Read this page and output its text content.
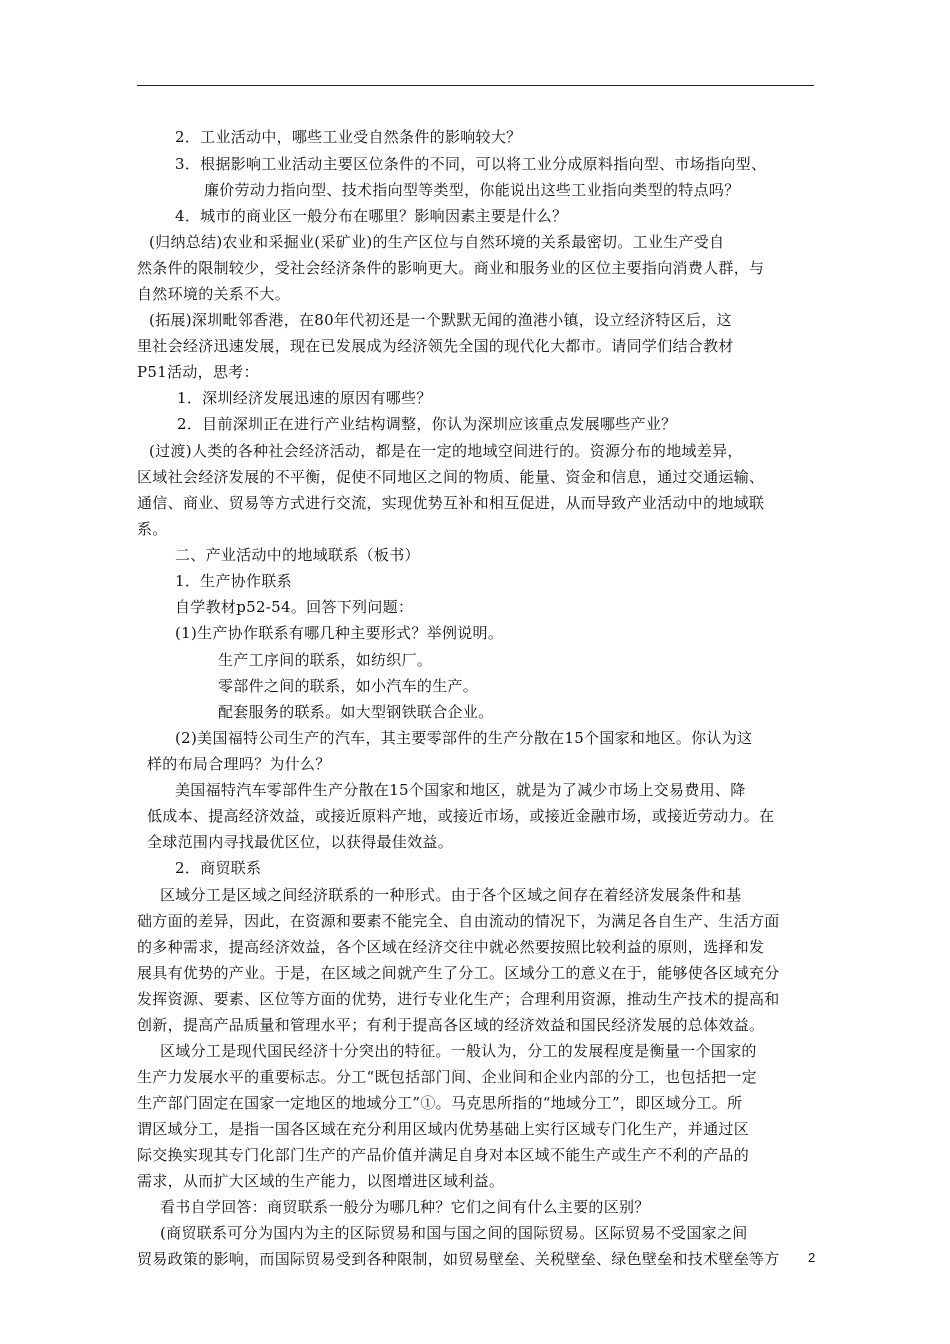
2．工业活动中，哪些工业受自然条件的影响较大？
3．根据影响工业活动主要区位条件的不同，可以将工业分成原料指向型、市场指向型、
廉价劳动力指向型、技术指向型等类型，你能说出这些工业指向类型的特点吗？
4．城市的商业区一般分布在哪里？影响因素主要是什么？
(归纳总结)农业和采掘业(采矿业)的生产区位与自然环境的关系最密切。工业生产受自
然条件的限制较少，受社会经济条件的影响更大。商业和服务业的区位主要指向消费人群，与
自然环境的关系不大。
(拓展)深圳毗邻香港，在80年代初还是一个默默无闻的渔港小镇，设立经济特区后，这
里社会经济迅速发展，现在已发展成为经济领先全国的现代化大都市。请同学们结合教材
P51活动，思考：
1．深圳经济发展迅速的原因有哪些？
2．目前深圳正在进行产业结构调整，你认为深圳应该重点发展哪些产业？
(过渡)人类的各种社会经济活动，都是在一定的地域空间进行的。资源分布的地域差异，
区域社会经济发展的不平衡，促使不同地区之间的物质、能量、资金和信息，通过交通运输、
通信、商业、贸易等方式进行交流，实现优势互补和相互促进，从而导致产业活动中的地域联
系。
二、产业活动中的地域联系（板书）
1．生产协作联系
自学教材p52-54。回答下列问题：
(1)生产协作联系有哪几种主要形式？举例说明。
生产工序间的联系，如纺织厂。
零部件之间的联系，如小汽车的生产。
配套服务的联系。如大型钢铁联合企业。
(2)美国福特公司生产的汽车，其主要零部件的生产分散在15个国家和地区。你认为这
样的布局合理吗？为什么？
美国福特汽车零部件生产分散在15个国家和地区，就是为了减少市场上交易费用、降
低成本、提高经济效益，或接近原料产地，或接近市场，或接近金融市场，或接近劳动力。在
全球范围内寻找最优区位，以获得最佳效益。
2．商贸联系
区域分工是区域之间经济联系的一种形式。由于各个区域之间存在着经济发展条件和基
础方面的差异，因此，在资源和要素不能完全、自由流动的情况下，为满足各自生产、生活方面
的多种需求，提高经济效益，各个区域在经济交往中就必然要按照比较利益的原则，选择和发
展具有优势的产业。于是，在区域之间就产生了分工。区域分工的意义在于，能够使各区域充分
发挥资源、要素、区位等方面的优势，进行专业化生产；合理利用资源，推动生产技术的提高和
创新，提高产品质量和管理水平；有利于提高各区域的经济效益和国民经济发展的总体效益。
区域分工是现代国民经济十分突出的特征。一般认为，分工的发展程度是衡量一个国家的
生产力发展水平的重要标志。分工“既包括部门间、企业间和企业内部的分工，也包括把一定
生产部门固定在国家一定地区的地域分工”①。马克思所指的“地域分工”，即区域分工。所
谓区域分工，是指一国各区域在充分利用区域内优势基础上实行区域专门化生产，并通过区
际交换实现其专门化部门生产的产品价值并满足自身对本区域不能生产或生产不利的产品的
需求，从而扩大区域的生产能力，以图增进区域利益。
看书自学回答：商贸联系一般分为哪几种？它们之间有什么主要的区别？
(商贸联系可分为国内为主的区际贸易和国与国之间的国际贸易。区际贸易不受国家之间
贸易政策的影响，而国际贸易受到各种限制，如贸易壁垒、关税壁垒、绿色壁垒和技术壁垒等方 2
